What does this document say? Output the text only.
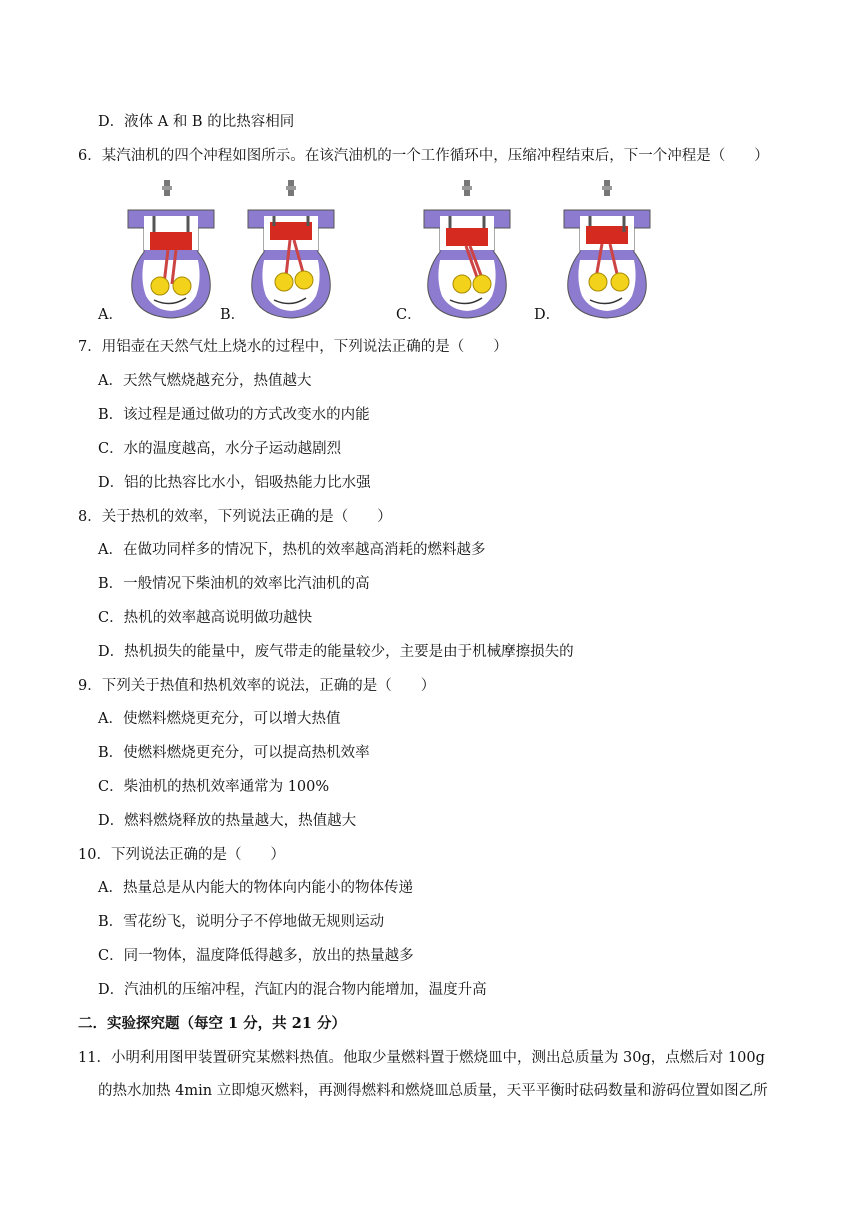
D．液体 A 和 B 的比热容相同
6．某汽油机的四个冲程如图所示。在该汽油机的一个工作循环中，压缩冲程结束后，下一个冲程是（　　）
A．	B．	C．	D．
7．用铝壶在天然气灶上烧水的过程中，下列说法正确的是（　　）
A．天然气燃烧越充分，热值越大
B．该过程是通过做功的方式改变水的内能
C．水的温度越高，水分子运动越剧烈
D．铝的比热容比水小，铝吸热能力比水强
8．关于热机的效率，下列说法正确的是（　　）
A．在做功同样多的情况下，热机的效率越高消耗的燃料越多
B．一般情况下柴油机的效率比汽油机的高
C．热机的效率越高说明做功越快
D．热机损失的能量中，废气带走的能量较少，主要是由于机械摩擦损失的
9．下列关于热值和热机效率的说法，正确的是（　　）
A．使燃料燃烧更充分，可以增大热值
B．使燃料燃烧更充分，可以提高热机效率
C．柴油机的热机效率通常为 100%
D．燃料燃烧释放的热量越大，热值越大
10．下列说法正确的是（　　）
A．热量总是从内能大的物体向内能小的物体传递
B．雪花纷飞，说明分子不停地做无规则运动
C．同一物体，温度降低得越多，放出的热量越多
D．汽油机的压缩冲程，汽缸内的混合物内能增加，温度升高
二．实验探究题（每空 1 分，共 21 分）
11．小明利用图甲装置研究某燃料热值。他取少量燃料置于燃烧皿中，测出总质量为 30g，点燃后对 100g
的热水加热 4min 立即熄灭燃料，再测得燃料和燃烧皿总质量，天平平衡时砝码数量和游码位置如图乙所
